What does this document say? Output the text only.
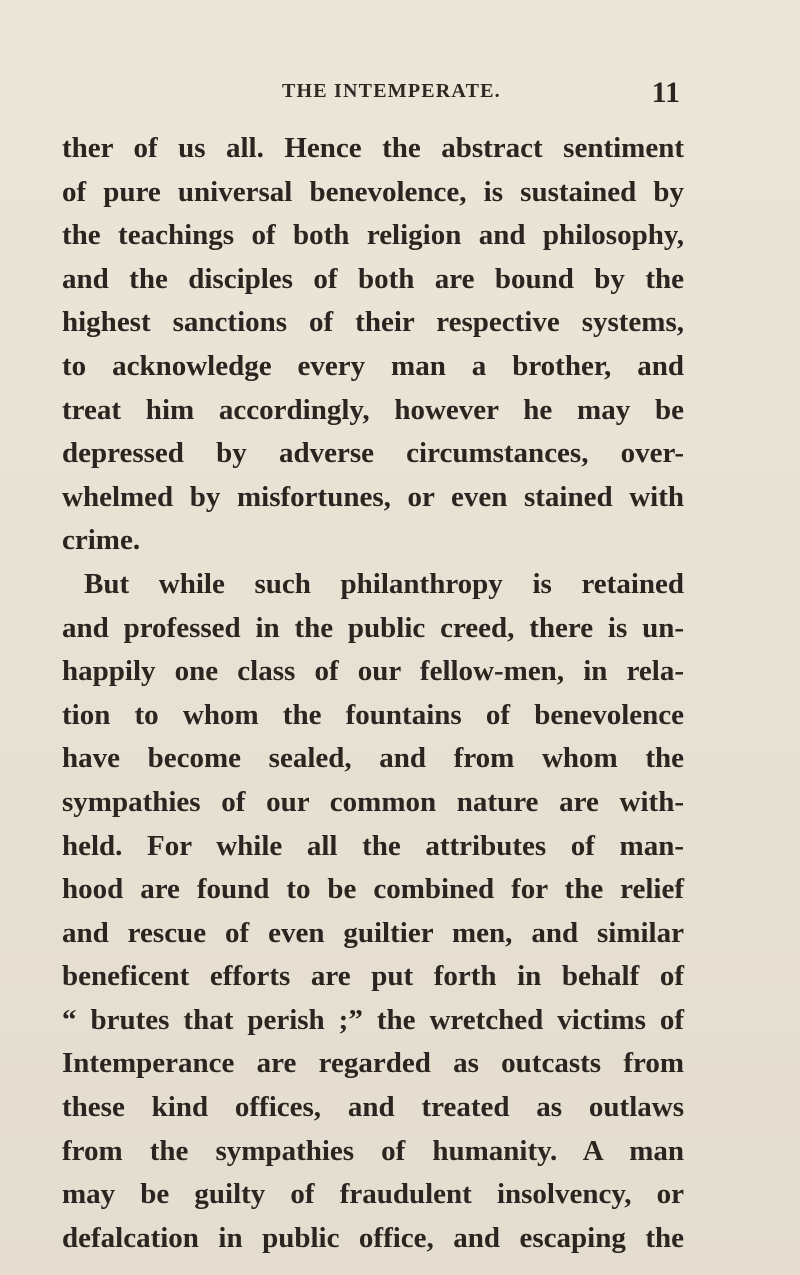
THE INTEMPERATE.	11
ther of us all. Hence the abstract sentiment
of pure universal benevolence, is sustained by
the teachings of both religion and philosophy,
and the disciples of both are bound by the
highest sanctions of their respective systems,
to acknowledge every man a brother, and
treat him accordingly, however he may be
depressed by adverse circumstances, over-
whelmed by misfortunes, or even stained with
crime.
But while such philanthropy is retained
and professed in the public creed, there is un-
happily one class of our fellow-men, in rela-
tion to whom the fountains of benevolence
have become sealed, and from whom the
sympathies of our common nature are with-
held. For while all the attributes of man-
hood are found to be combined for the relief
and rescue of even guiltier men, and similar
beneficent efforts are put forth in behalf of
“ brutes that perish ;” the wretched victims of
Intemperance are regarded as outcasts from
these kind offices, and treated as outlaws
from the sympathies of humanity. A man
may be guilty of fraudulent insolvency, or
defalcation in public office, and escaping the
